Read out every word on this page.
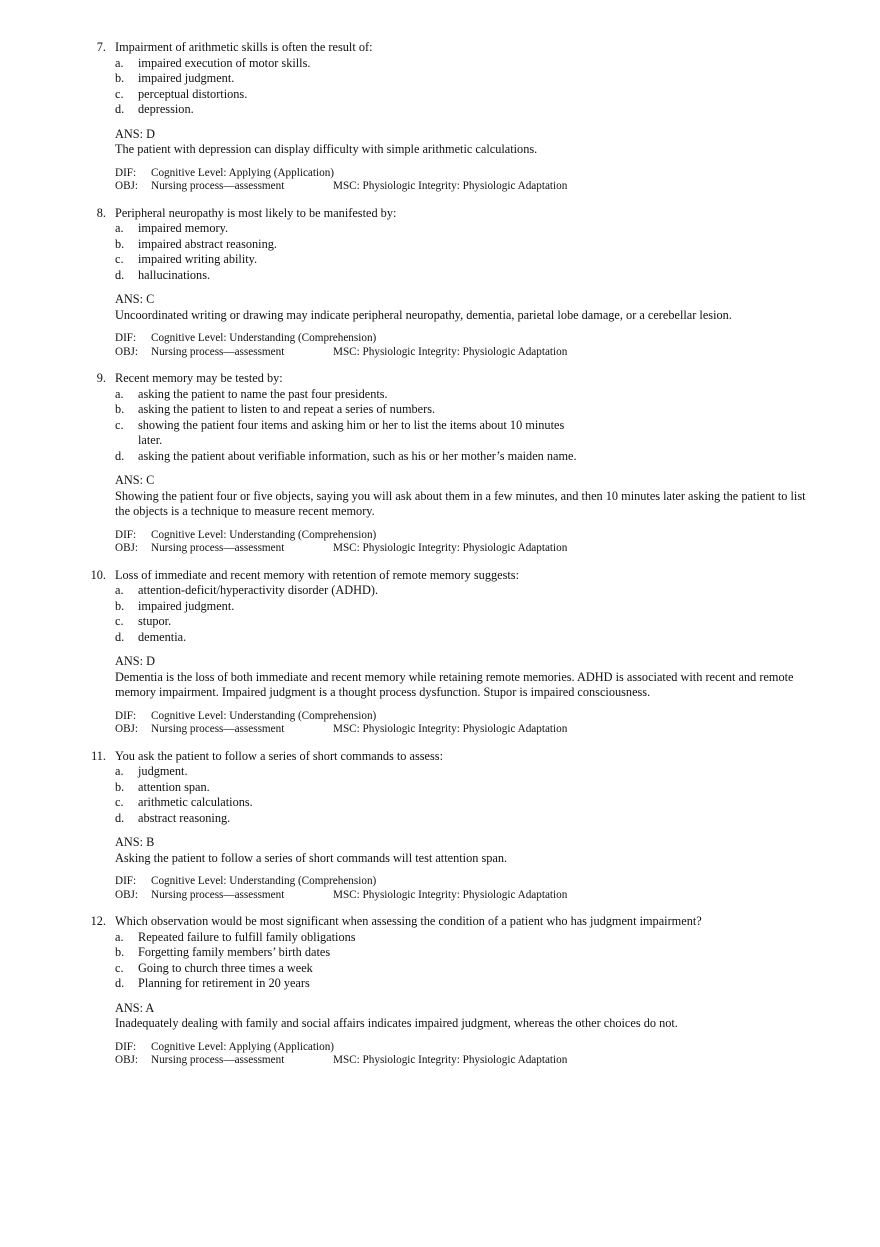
7. Impairment of arithmetic skills is often the result of:
a. impaired execution of motor skills.
b. impaired judgment.
c. perceptual distortions.
d. depression.
ANS: D
The patient with depression can display difficulty with simple arithmetic calculations.
DIF: Cognitive Level: Applying (Application)
OBJ: Nursing process—assessment	MSC: Physiologic Integrity: Physiologic Adaptation
8. Peripheral neuropathy is most likely to be manifested by:
a. impaired memory.
b. impaired abstract reasoning.
c. impaired writing ability.
d. hallucinations.
ANS: C
Uncoordinated writing or drawing may indicate peripheral neuropathy, dementia, parietal lobe damage, or a cerebellar lesion.
DIF: Cognitive Level: Understanding (Comprehension)
OBJ: Nursing process—assessment	MSC: Physiologic Integrity: Physiologic Adaptation
9. Recent memory may be tested by:
a. asking the patient to name the past four presidents.
b. asking the patient to listen to and repeat a series of numbers.
c. showing the patient four items and asking him or her to list the items about 10 minutes later.
d. asking the patient about verifiable information, such as his or her mother’s maiden name.
ANS: C
Showing the patient four or five objects, saying you will ask about them in a few minutes, and then 10 minutes later asking the patient to list the objects is a technique to measure recent memory.
DIF: Cognitive Level: Understanding (Comprehension)
OBJ: Nursing process—assessment	MSC: Physiologic Integrity: Physiologic Adaptation
10. Loss of immediate and recent memory with retention of remote memory suggests:
a. attention-deficit/hyperactivity disorder (ADHD).
b. impaired judgment.
c. stupor.
d. dementia.
ANS: D
Dementia is the loss of both immediate and recent memory while retaining remote memories. ADHD is associated with recent and remote memory impairment. Impaired judgment is a thought process dysfunction. Stupor is impaired consciousness.
DIF: Cognitive Level: Understanding (Comprehension)
OBJ: Nursing process—assessment	MSC: Physiologic Integrity: Physiologic Adaptation
11. You ask the patient to follow a series of short commands to assess:
a. judgment.
b. attention span.
c. arithmetic calculations.
d. abstract reasoning.
ANS: B
Asking the patient to follow a series of short commands will test attention span.
DIF: Cognitive Level: Understanding (Comprehension)
OBJ: Nursing process—assessment	MSC: Physiologic Integrity: Physiologic Adaptation
12. Which observation would be most significant when assessing the condition of a patient who has judgment impairment?
a. Repeated failure to fulfill family obligations
b. Forgetting family members’ birth dates
c. Going to church three times a week
d. Planning for retirement in 20 years
ANS: A
Inadequately dealing with family and social affairs indicates impaired judgment, whereas the other choices do not.
DIF: Cognitive Level: Applying (Application)
OBJ: Nursing process—assessment	MSC: Physiologic Integrity: Physiologic Adaptation
